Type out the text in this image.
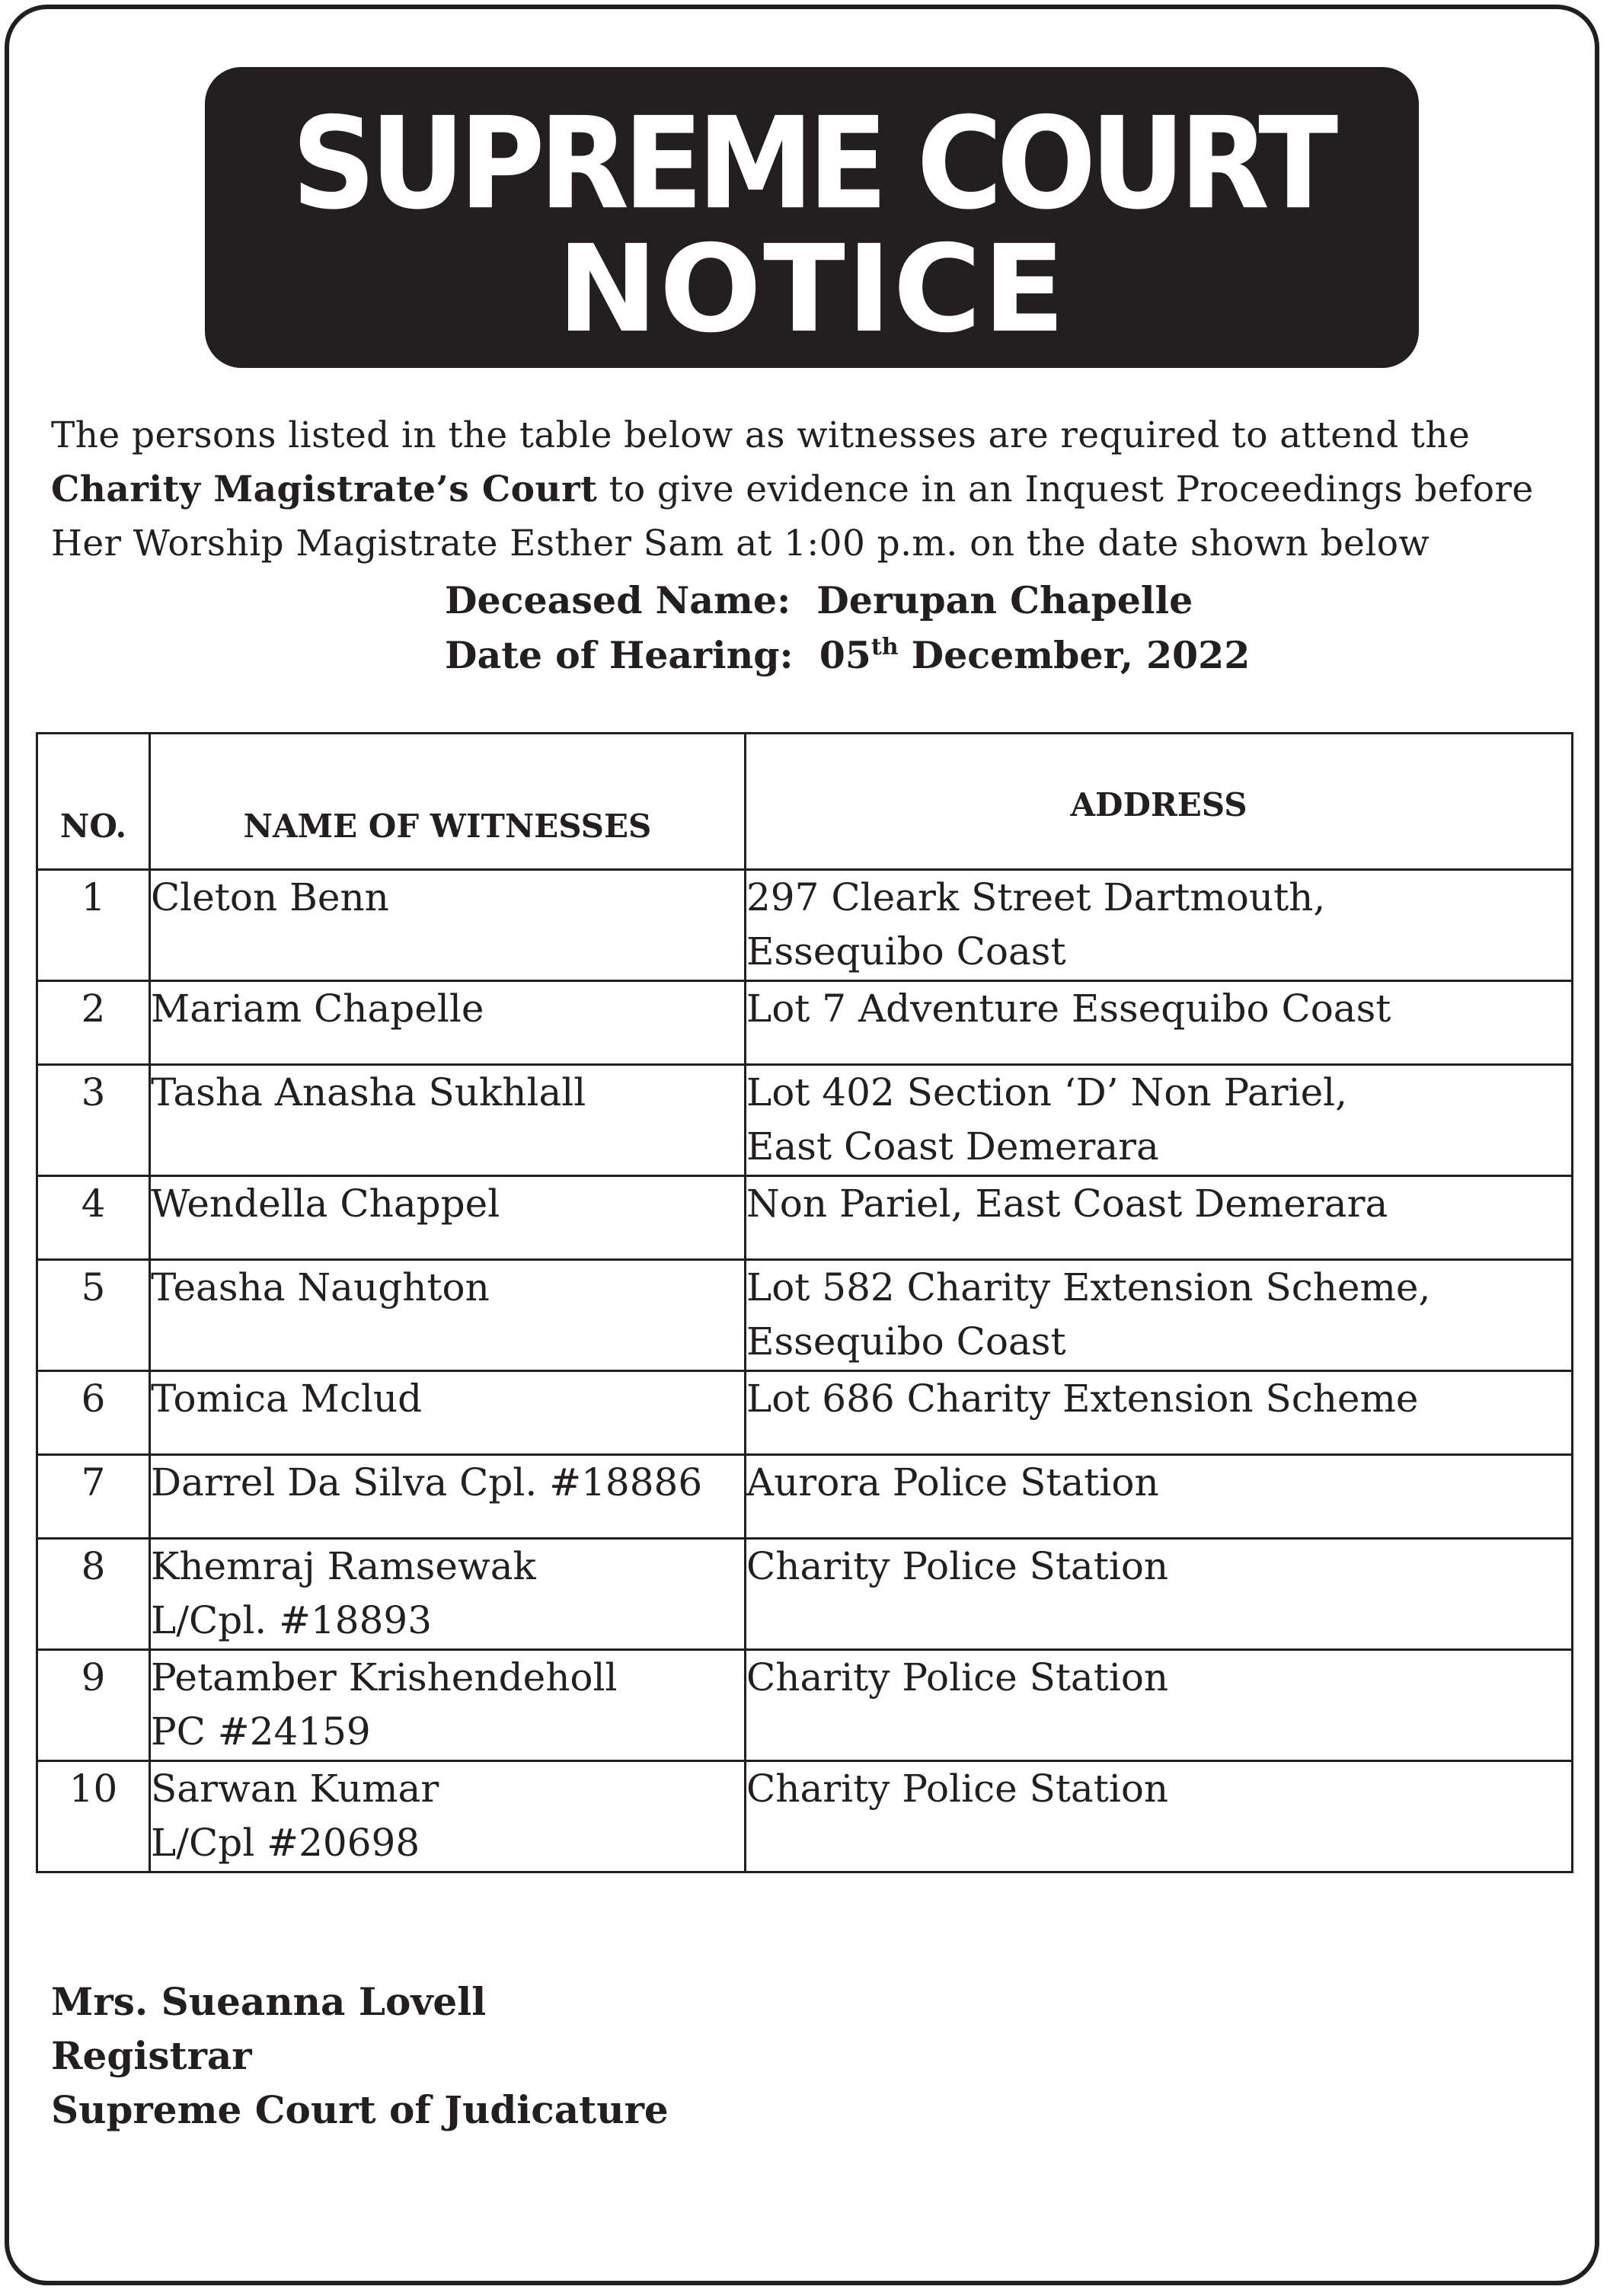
SUPREME COURT
NOTICE
The persons listed in the table below as witnesses are required to attend the
Charity Magistrate’s Court to give evidence in an Inquest Proceedings before
Her Worship Magistrate Esther Sam at 1:00 p.m. on the date shown below
Deceased Name: Derupan Chapelle
Date of Hearing: 05th December, 2022
NO.	NAME OF WITNESSES	ADDRESS

1	Cleton Benn	297 Cleark Street Dartmouth,
Essequibo Coast

2	Mariam Chapelle	Lot 7 Adventure Essequibo Coast

3	Tasha Anasha Sukhlall	Lot 402 Section ‘D’ Non Pariel,
East Coast Demerara

4	Wendella Chappel	Non Pariel, East Coast Demerara

5	Teasha Naughton	Lot 582 Charity Extension Scheme,
Essequibo Coast

6	Tomica Mclud	Lot 686 Charity Extension Scheme

7	Darrel Da Silva Cpl. #18886	Aurora Police Station

8	Khemraj Ramsewak
L/Cpl. #18893	Charity Police Station

9	Petamber Krishendeholl
PC #24159	Charity Police Station

10	Sarwan Kumar
L/Cpl #20698	Charity Police Station
Mrs. Sueanna Lovell
Registrar
Supreme Court of Judicature
